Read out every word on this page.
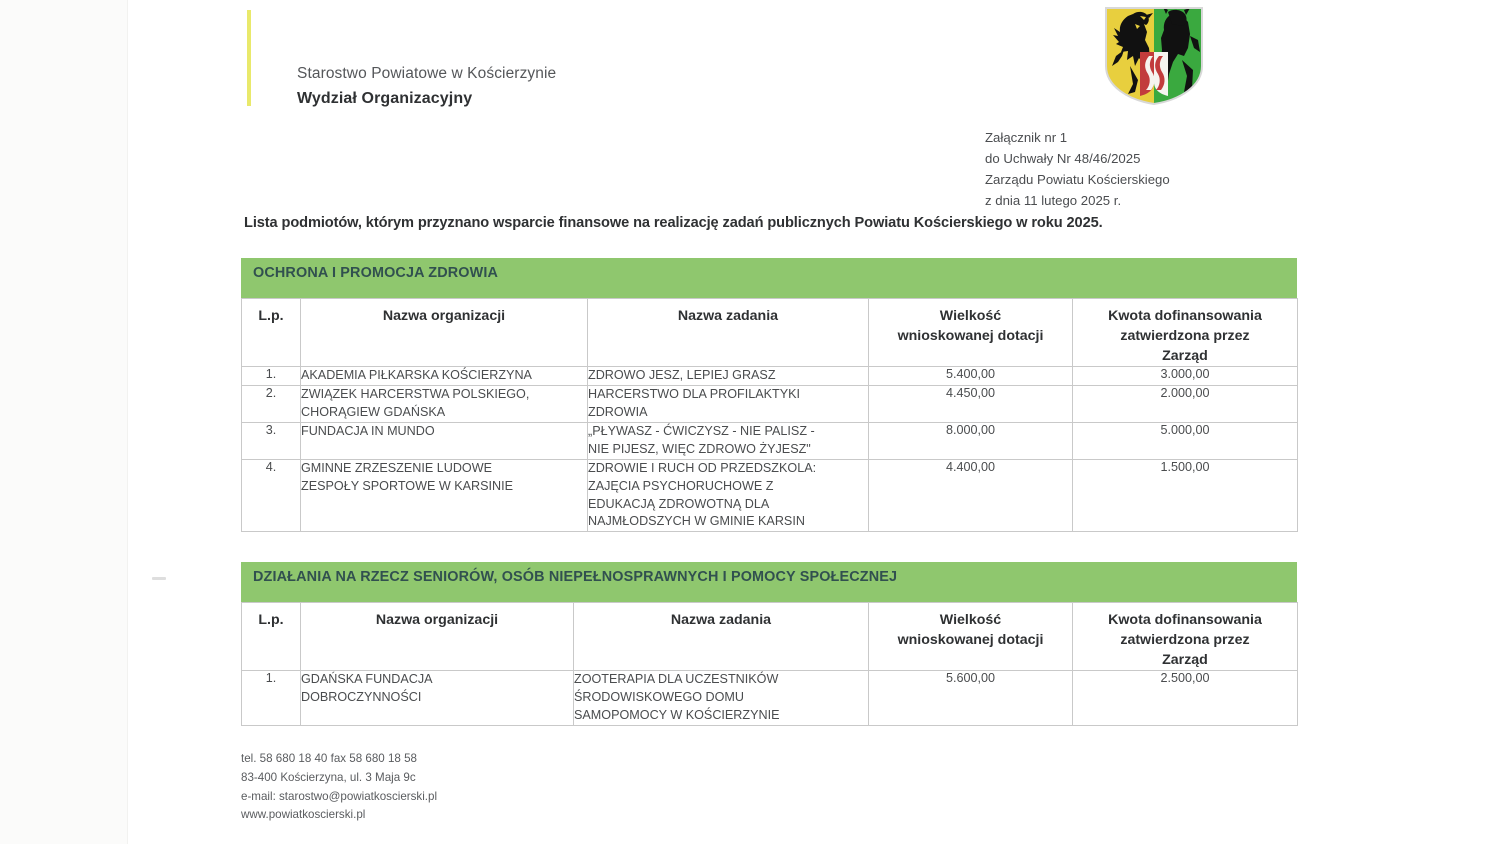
Starostwo Powiatowe w Kościerzynie
Wydział Organizacyjny
Załącznik nr 1
do Uchwały Nr 48/46/2025
Zarządu Powiatu Kościerskiego
z dnia 11 lutego 2025 r.
Lista podmiotów, którym przyznano wsparcie finansowe na realizację zadań publicznych Powiatu Kościerskiego w roku 2025.
OCHRONA I PROMOCJA ZDROWIA
L.p.	Nazwa organizacji	Nazwa zadania	Wielkość
wnioskowanej dotacji	Kwota dofinansowania
zatwierdzona przez
Zarząd

1.	AKADEMIA PIŁKARSKA KOŚCIERZYNA	ZDROWO JESZ, LEPIEJ GRASZ	5.400,00	3.000,00
2.	ZWIĄZEK HARCERSTWA POLSKIEGO,
CHORĄGIEW GDAŃSKA	HARCERSTWO DLA PROFILAKTYKI
ZDROWIA	4.450,00	2.000,00
3.	FUNDACJA IN MUNDO	„PŁYWASZ - ĆWICZYSZ - NIE PALISZ -
NIE PIJESZ, WIĘC ZDROWO ŻYJESZ"	8.000,00	5.000,00
4.	GMINNE ZRZESZENIE LUDOWE
ZESPOŁY SPORTOWE W KARSINIE	ZDROWIE I RUCH OD PRZEDSZKOLA:
ZAJĘCIA PSYCHORUCHOWE Z
EDUKACJĄ ZDROWOTNĄ DLA
NAJMŁODSZYCH W GMINIE KARSIN	4.400,00	1.500,00
DZIAŁANIA NA RZECZ SENIORÓW, OSÓB NIEPEŁNOSPRAWNYCH I POMOCY SPOŁECZNEJ
L.p.	Nazwa organizacji	Nazwa zadania	Wielkość
wnioskowanej dotacji	Kwota dofinansowania
zatwierdzona przez
Zarząd

1.	GDAŃSKA FUNDACJA
DOBROCZYNNOŚCI	ZOOTERAPIA DLA UCZESTNIKÓW
ŚRODOWISKOWEGO DOMU
SAMOPOMOCY W KOŚCIERZYNIE	5.600,00	2.500,00
tel. 58 680 18 40 fax 58 680 18 58
83-400 Kościerzyna, ul. 3 Maja 9c
e-mail: starostwo@powiatkoscierski.pl
www.powiatkoscierski.pl
